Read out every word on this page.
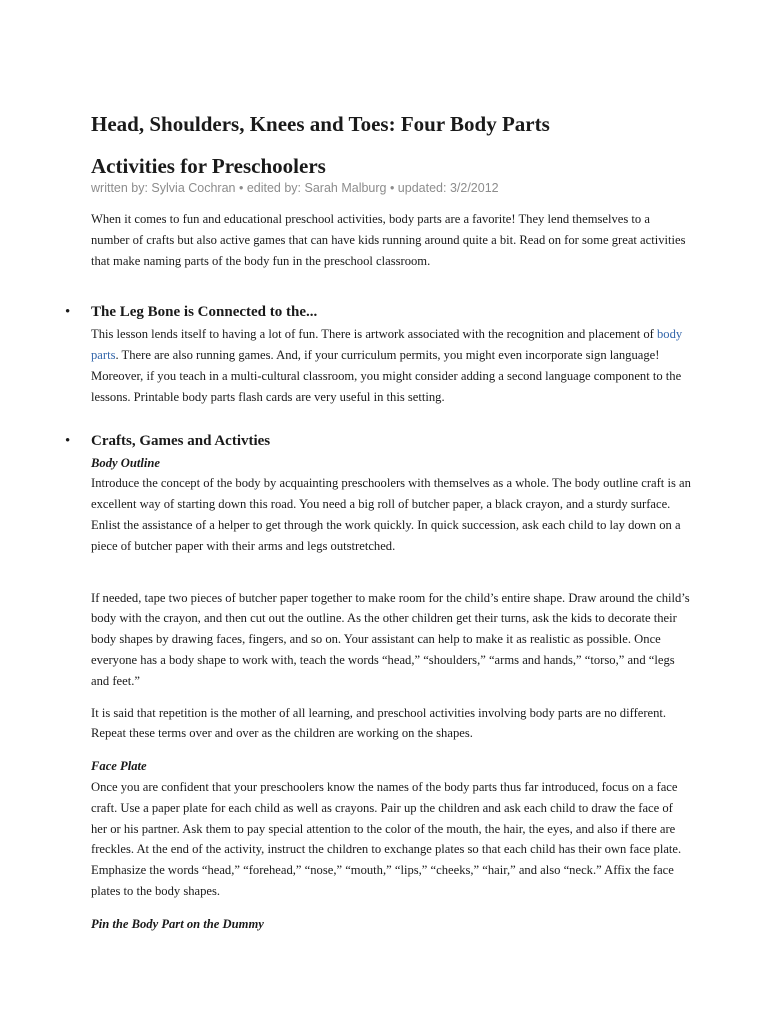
Head, Shoulders, Knees and Toes: Four Body Parts
Activities for Preschoolers
written by: Sylvia Cochran • edited by: Sarah Malburg • updated: 3/2/2012

When it comes to fun and educational preschool activities, body parts are a favorite! They lend themselves to a number of crafts but also active games that can have kids running around quite a bit. Read on for some great activities that make naming parts of the body fun in the preschool classroom.

• The Leg Bone is Connected to the...

This lesson lends itself to having a lot of fun. There is artwork associated with the recognition and placement of body parts. There are also running games. And, if your curriculum permits, you might even incorporate sign language! Moreover, if you teach in a multi-cultural classroom, you might consider adding a second language component to the lessons. Printable body parts flash cards are very useful in this setting.

• Crafts, Games and Activties
Body Outline

Introduce the concept of the body by acquainting preschoolers with themselves as a whole. The body outline craft is an excellent way of starting down this road. You need a big roll of butcher paper, a black crayon, and a sturdy surface. Enlist the assistance of a helper to get through the work quickly. In quick succession, ask each child to lay down on a piece of butcher paper with their arms and legs outstretched.

If needed, tape two pieces of butcher paper together to make room for the child’s entire shape. Draw around the child’s body with the crayon, and then cut out the outline. As the other children get their turns, ask the kids to decorate their body shapes by drawing faces, fingers, and so on. Your assistant can help to make it as realistic as possible. Once everyone has a body shape to work with, teach the words “head,” “shoulders,” “arms and hands,” “torso,” and “legs and feet.”

It is said that repetition is the mother of all learning, and preschool activities involving body parts are no different. Repeat these terms over and over as the children are working on the shapes.

Face Plate

Once you are confident that your preschoolers know the names of the body parts thus far introduced, focus on a face craft. Use a paper plate for each child as well as crayons. Pair up the children and ask each child to draw the face of her or his partner. Ask them to pay special attention to the color of the mouth, the hair, the eyes, and also if there are freckles. At the end of the activity, instruct the children to exchange plates so that each child has their own face plate. Emphasize the words “head,” “forehead,” “nose,” “mouth,” “lips,” “cheeks,” “hair,” and also “neck.” Affix the face plates to the body shapes.

Pin the Body Part on the Dummy
